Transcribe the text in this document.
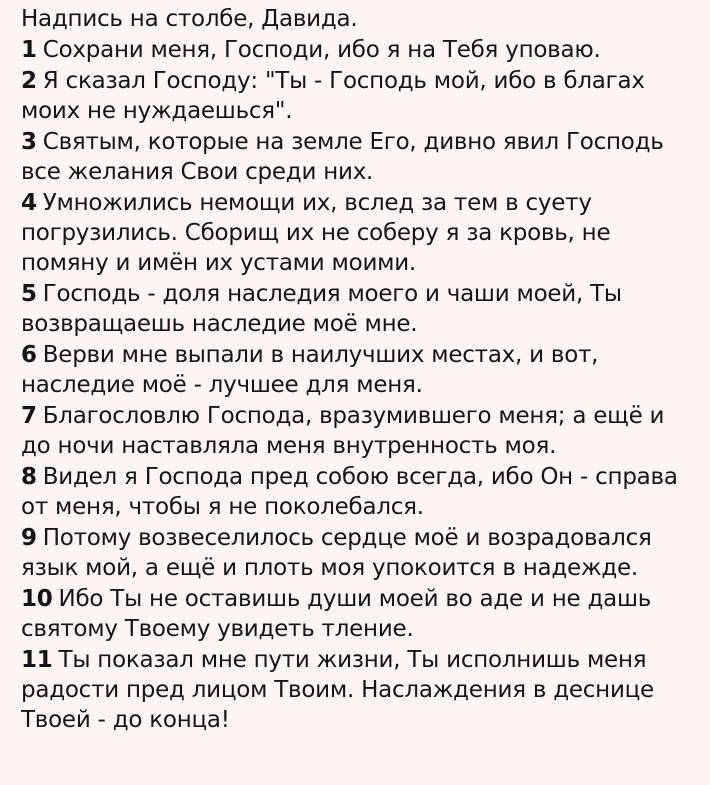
Надпись на столбе, Давида.
1 Сохрани меня, Господи, ибо я на Тебя уповаю.
2 Я сказал Господу: "Ты - Господь мой, ибо в благах моих не нуждаешься".
3 Святым, которые на земле Его, дивно явил Господь все желания Свои среди них.
4 Умножились немощи их, вслед за тем в суету погрузились. Сборищ их не соберу я за кровь, не помяну и имён их устами моими.
5 Господь - доля наследия моего и чаши моей, Ты возвращаешь наследие моё мне.
6 Верви мне выпали в наилучших местах, и вот, наследие моё - лучшее для меня.
7 Благословлю Господа, вразумившего меня; а ещё и до ночи наставляла меня внутренность моя.
8 Видел я Господа пред собою всегда, ибо Он - справа от меня, чтобы я не поколебался.
9 Потому возвеселилось сердце моё и возрадовался язык мой, а ещё и плоть моя упокоится в надежде.
10 Ибо Ты не оставишь души моей во аде и не дашь святому Твоему увидеть тление.
11 Ты показал мне пути жизни, Ты исполнишь меня радости пред лицом Твоим. Наслаждения в деснице Твоей - до конца!
